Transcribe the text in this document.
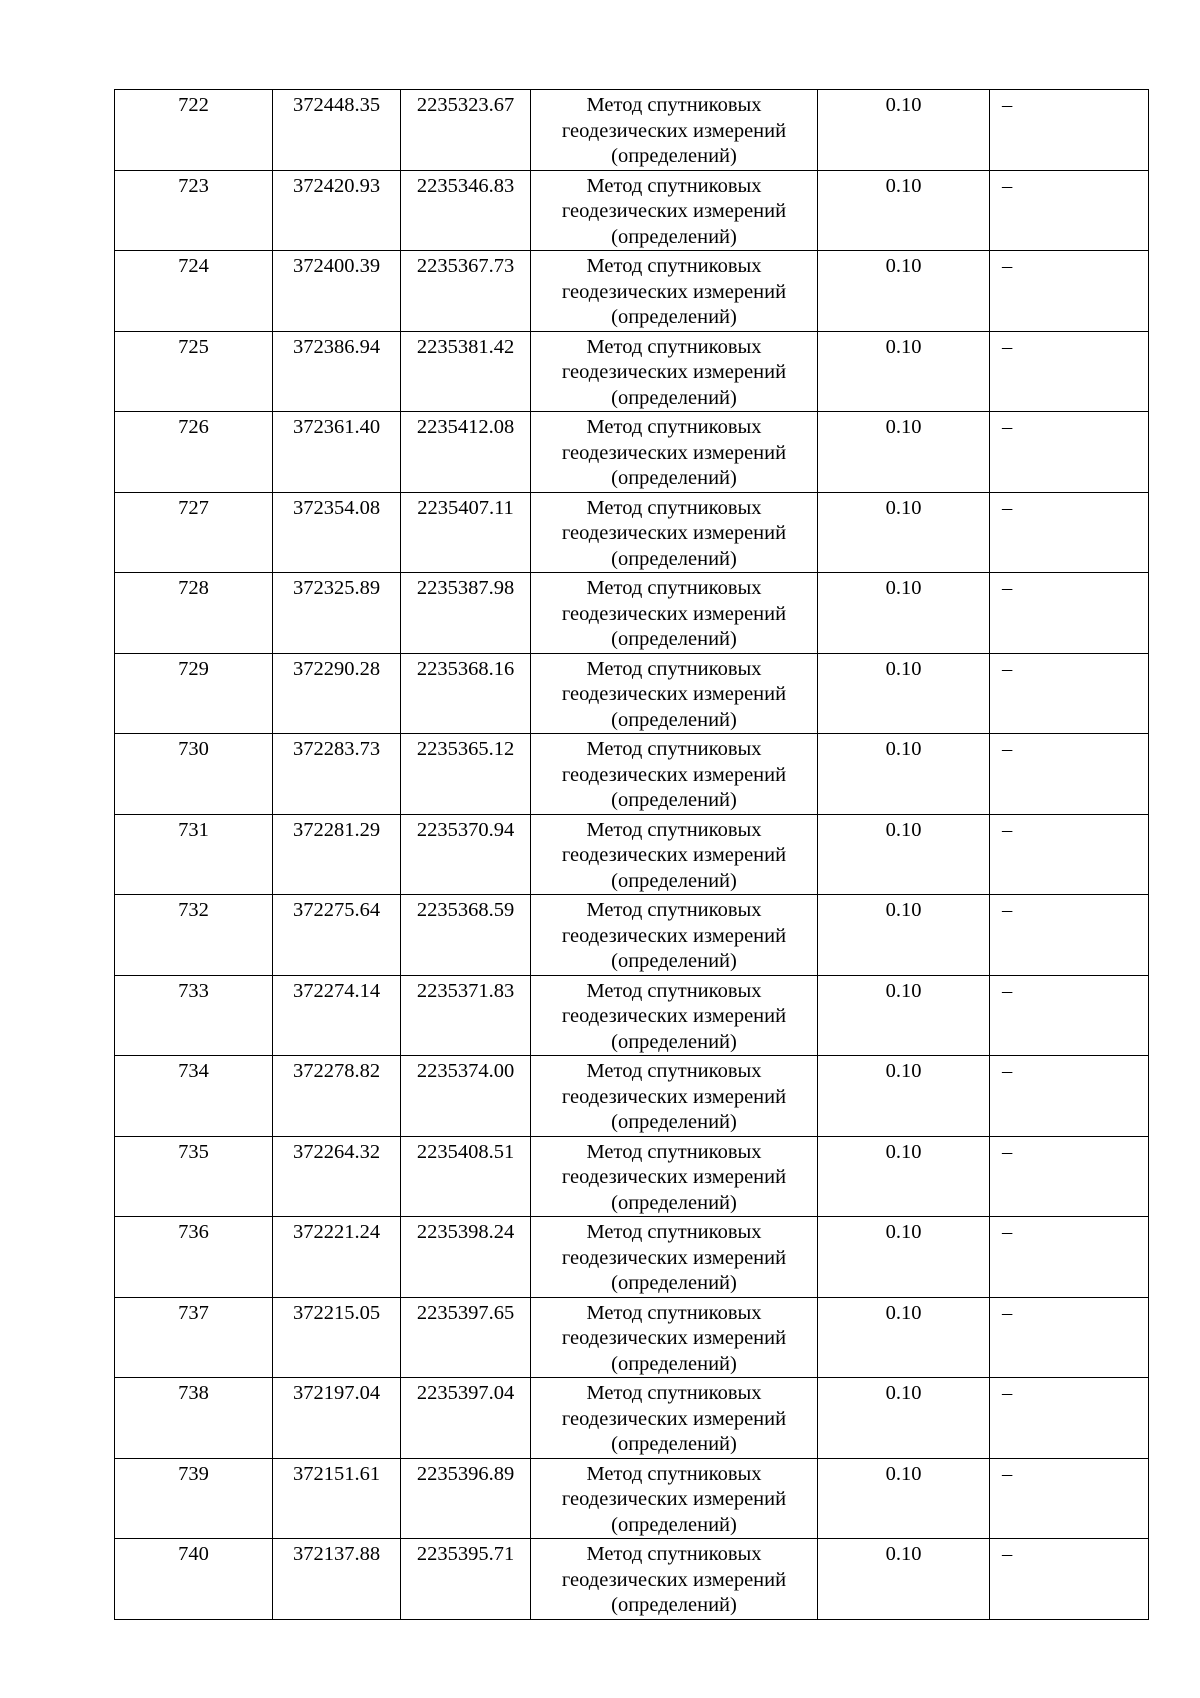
722	372448.35	2235323.67	Метод спутниковых
геодезических измерений
(определений)	0.10	–
723	372420.93	2235346.83	Метод спутниковых
геодезических измерений
(определений)	0.10	–
724	372400.39	2235367.73	Метод спутниковых
геодезических измерений
(определений)	0.10	–
725	372386.94	2235381.42	Метод спутниковых
геодезических измерений
(определений)	0.10	–
726	372361.40	2235412.08	Метод спутниковых
геодезических измерений
(определений)	0.10	–
727	372354.08	2235407.11	Метод спутниковых
геодезических измерений
(определений)	0.10	–
728	372325.89	2235387.98	Метод спутниковых
геодезических измерений
(определений)	0.10	–
729	372290.28	2235368.16	Метод спутниковых
геодезических измерений
(определений)	0.10	–
730	372283.73	2235365.12	Метод спутниковых
геодезических измерений
(определений)	0.10	–
731	372281.29	2235370.94	Метод спутниковых
геодезических измерений
(определений)	0.10	–
732	372275.64	2235368.59	Метод спутниковых
геодезических измерений
(определений)	0.10	–
733	372274.14	2235371.83	Метод спутниковых
геодезических измерений
(определений)	0.10	–
734	372278.82	2235374.00	Метод спутниковых
геодезических измерений
(определений)	0.10	–
735	372264.32	2235408.51	Метод спутниковых
геодезических измерений
(определений)	0.10	–
736	372221.24	2235398.24	Метод спутниковых
геодезических измерений
(определений)	0.10	–
737	372215.05	2235397.65	Метод спутниковых
геодезических измерений
(определений)	0.10	–
738	372197.04	2235397.04	Метод спутниковых
геодезических измерений
(определений)	0.10	–
739	372151.61	2235396.89	Метод спутниковых
геодезических измерений
(определений)	0.10	–
740	372137.88	2235395.71	Метод спутниковых
геодезических измерений
(определений)	0.10	–
